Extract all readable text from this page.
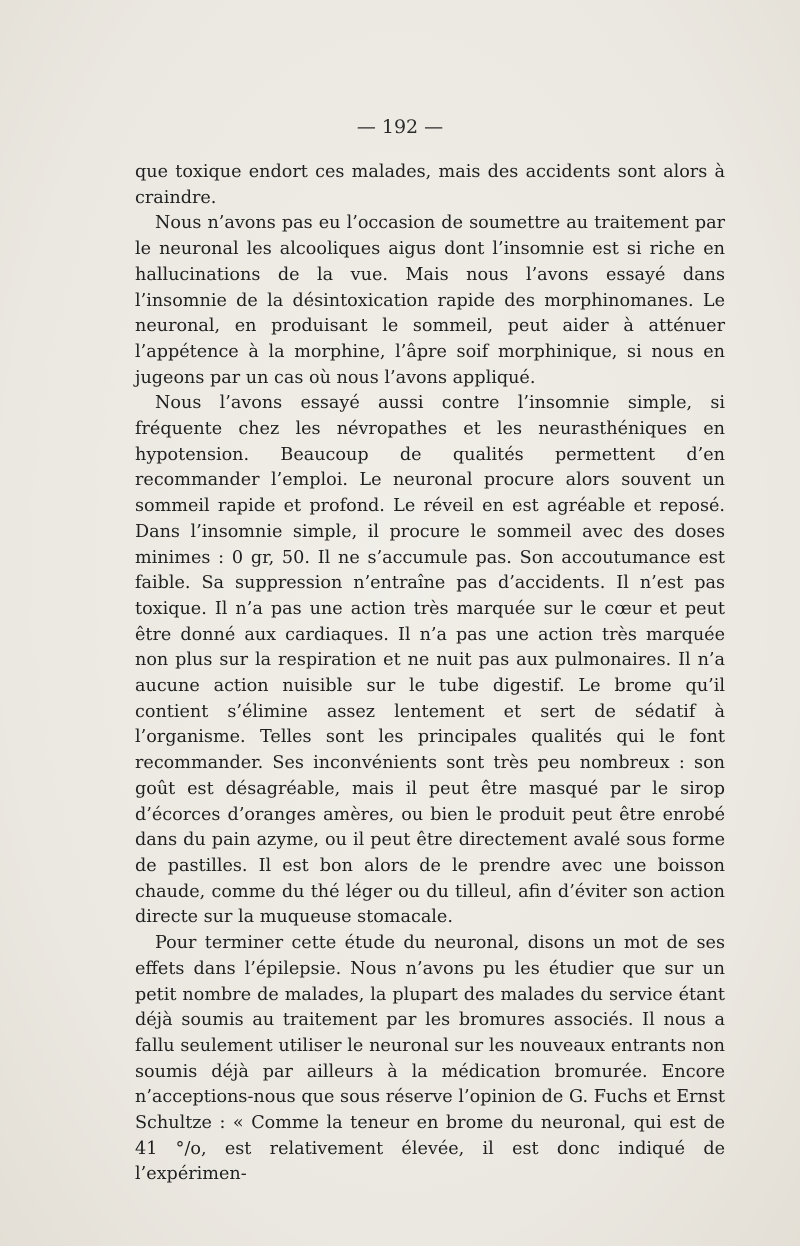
— 192 —

que toxique endort ces malades, mais des accidents sont alors à craindre.

Nous n’avons pas eu l’occasion de soumettre au traitement par le neuronal les alcooliques aigus dont l’insomnie est si riche en hallucinations de la vue. Mais nous l’avons essayé dans l’insomnie de la désintoxication rapide des morphinomanes. Le neuronal, en produisant le sommeil, peut aider à atténuer l’appétence à la morphine, l’âpre soif morphinique, si nous en jugeons par un cas où nous l’avons appliqué.

Nous l’avons essayé aussi contre l’insomnie simple, si fréquente chez les névropathes et les neurasthéniques en hypotension. Beaucoup de qualités permettent d’en recommander l’emploi. Le neuronal procure alors souvent un sommeil rapide et profond. Le réveil en est agréable et reposé. Dans l’insomnie simple, il procure le sommeil avec des doses minimes : 0 gr, 50. Il ne s’accumule pas. Son accoutumance est faible. Sa suppression n’entraîne pas d’accidents. Il n’est pas toxique. Il n’a pas une action très marquée sur le cœur et peut être donné aux cardiaques. Il n’a pas une action très marquée non plus sur la respiration et ne nuit pas aux pulmonaires. Il n’a aucune action nuisible sur le tube digestif. Le brome qu’il contient s’élimine assez lentement et sert de sédatif à l’organisme. Telles sont les principales qualités qui le font recommander. Ses inconvénients sont très peu nombreux : son goût est désagréable, mais il peut être masqué par le sirop d’écorces d’oranges amères, ou bien le produit peut être enrobé dans du pain azyme, ou il peut être directement avalé sous forme de pastilles. Il est bon alors de le prendre avec une boisson chaude, comme du thé léger ou du tilleul, afin d’éviter son action directe sur la muqueuse stomacale.

Pour terminer cette étude du neuronal, disons un mot de ses effets dans l’épilepsie. Nous n’avons pu les étudier que sur un petit nombre de malades, la plupart des malades du service étant déjà soumis au traitement par les bromures associés. Il nous a fallu seulement utiliser le neuronal sur les nouveaux entrants non soumis déjà par ailleurs à la médication bromurée. Encore n’acceptions-nous que sous réserve l’opinion de G. Fuchs et Ernst Schultze : « Comme la teneur en brome du neuronal, qui est de 41 °/o, est relativement élevée, il est donc indiqué de l’expérimen-
